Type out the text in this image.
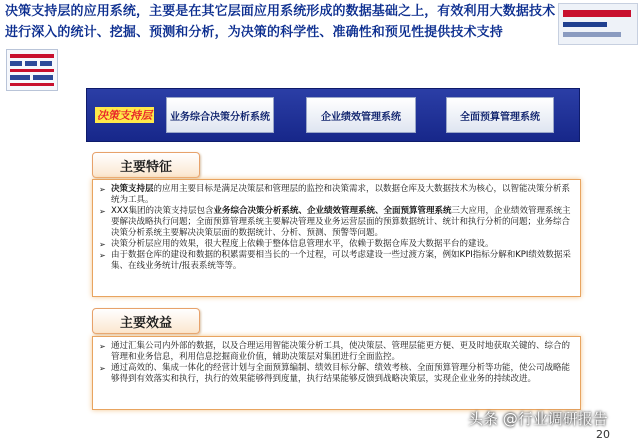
决策支持层的应用系统，主要是在其它层面应用系统形成的数据基础之上，有效利用大数据技术进行深入的统计、挖掘、预测和分析，为决策的科学性、准确性和预见性提供技术支持
决策支持层	业务综合决策分析系统	企业绩效管理系统	全面预算管理系统
主要特征
➢ 决策支持层的应用主要目标是满足决策层和管理层的监控和决策需求，以数据仓库及大数据技术为核心，以智能决策分析系统为工具。
➢ XXX集团的决策支持层包含业务综合决策分析系统、企业绩效管理系统、全面预算管理系统三大应用，企业绩效管理系统主要解决战略执行问题；全面预算管理系统主要解决管理及业务运营层面的预算数据统计、统计和执行分析的问题；业务综合决策分析系统主要解决决策层面的数据统计、分析、预测、预警等问题。
➢ 决策分析层应用的效果，很大程度上依赖于整体信息管理水平，依赖于数据仓库及大数据平台的建设。
➢ 由于数据仓库的建设和数据的积累需要相当长的一个过程，可以考虑建设一些过渡方案，例如KPI指标分解和KPI绩效数据采集、在线业务统计/报表系统等等。
主要效益
➢ 通过汇集公司内外部的数据，以及合理运用智能决策分析工具，使决策层、管理层能更方便、更及时地获取关键的、综合的管理和业务信息，利用信息挖掘商业价值，辅助决策层对集团进行全面监控。
➢ 通过高效的、集成一体化的经营计划与全面预算编制、绩效目标分解、绩效考核、全面预算管理分析等功能，使公司战略能够得到有效落实和执行，执行的效果能够得到度量，执行结果能够反馈到战略决策层，实现企业业务的持续改进。
头条 @行业调研报告
20
